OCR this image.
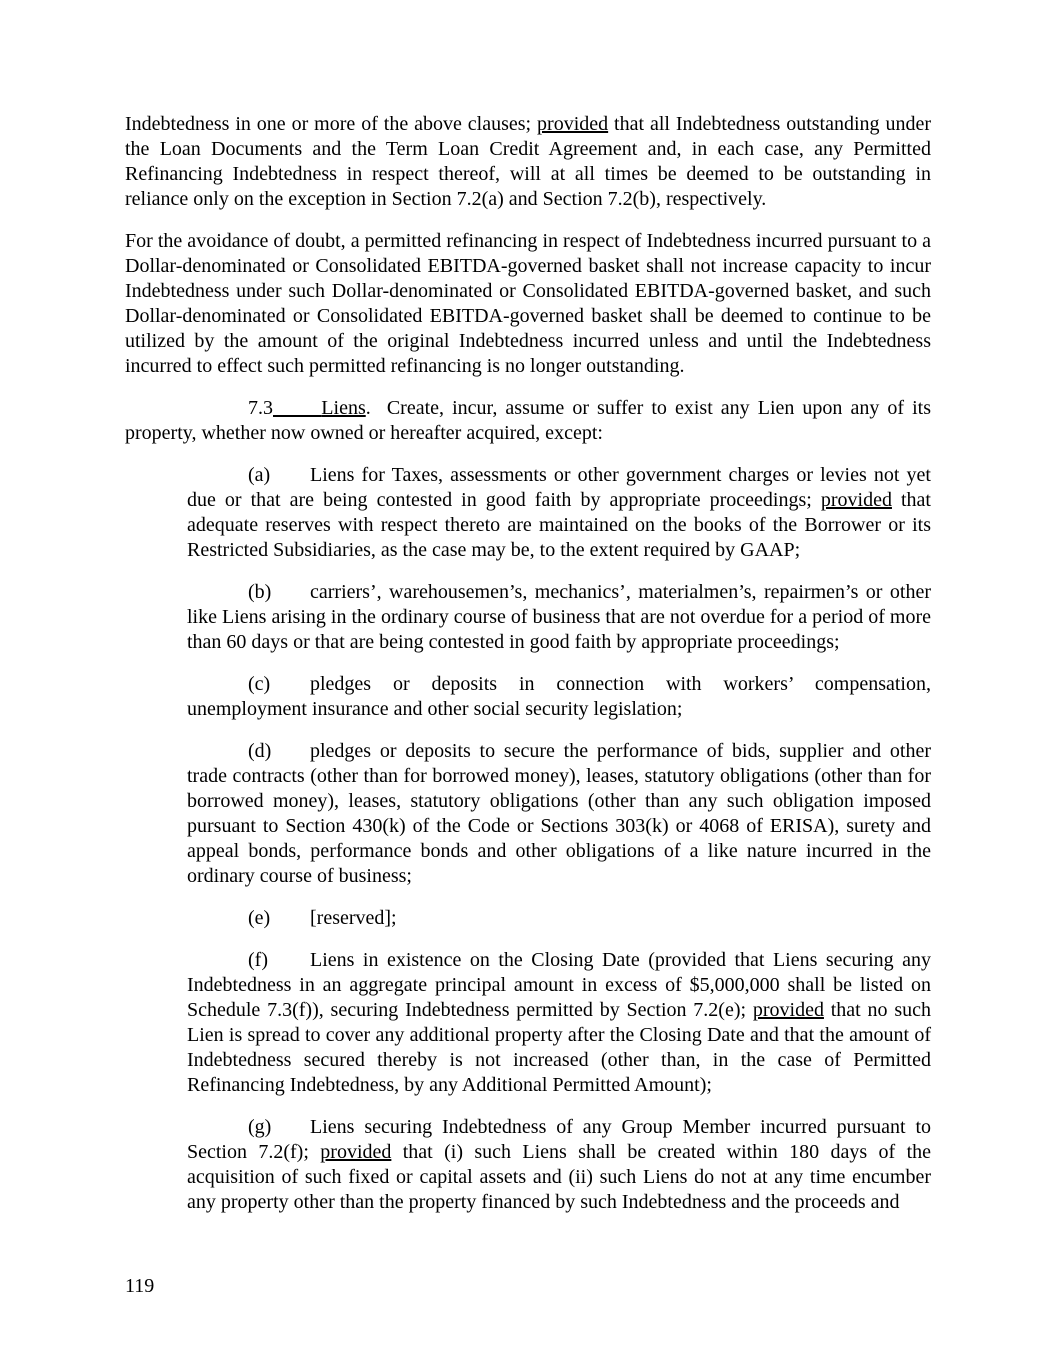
Indebtedness in one or more of the above clauses; provided that all Indebtedness outstanding under the Loan Documents and the Term Loan Credit Agreement and, in each case, any Permitted Refinancing Indebtedness in respect thereof, will at all times be deemed to be outstanding in reliance only on the exception in Section 7.2(a) and Section 7.2(b), respectively.

For the avoidance of doubt, a permitted refinancing in respect of Indebtedness incurred pursuant to a Dollar-denominated or Consolidated EBITDA-governed basket shall not increase capacity to incur Indebtedness under such Dollar-denominated or Consolidated EBITDA-governed basket, and such Dollar-denominated or Consolidated EBITDA-governed basket shall be deemed to continue to be utilized by the amount of the original Indebtedness incurred unless and until the Indebtedness incurred to effect such permitted refinancing is no longer outstanding.

7.3 Liens.  Create, incur, assume or suffer to exist any Lien upon any of its property, whether now owned or hereafter acquired, except:

(a) Liens for Taxes, assessments or other government charges or levies not yet due or that are being contested in good faith by appropriate proceedings; provided that adequate reserves with respect thereto are maintained on the books of the Borrower or its Restricted Subsidiaries, as the case may be, to the extent required by GAAP;

(b) carriers’, warehousemen’s, mechanics’, materialmen’s, repairmen’s or other like Liens arising in the ordinary course of business that are not overdue for a period of more than 60 days or that are being contested in good faith by appropriate proceedings;

(c) pledges or deposits in connection with workers’ compensation, unemployment insurance and other social security legislation;

(d) pledges or deposits to secure the performance of bids, supplier and other trade contracts (other than for borrowed money), leases, statutory obligations (other than for borrowed money), leases, statutory obligations (other than any such obligation imposed pursuant to Section 430(k) of the Code or Sections 303(k) or 4068 of ERISA), surety and appeal bonds, performance bonds and other obligations of a like nature incurred in the ordinary course of business;

(e) [reserved];

(f) Liens in existence on the Closing Date (provided that Liens securing any Indebtedness in an aggregate principal amount in excess of $5,000,000 shall be listed on Schedule 7.3(f)), securing Indebtedness permitted by Section 7.2(e); provided that no such Lien is spread to cover any additional property after the Closing Date and that the amount of Indebtedness secured thereby is not increased (other than, in the case of Permitted Refinancing Indebtedness, by any Additional Permitted Amount);

(g) Liens securing Indebtedness of any Group Member incurred pursuant to Section 7.2(f); provided that (i) such Liens shall be created within 180 days of the acquisition of such fixed or capital assets and (ii) such Liens do not at any time encumber any property other than the property financed by such Indebtedness and the proceeds and

119
